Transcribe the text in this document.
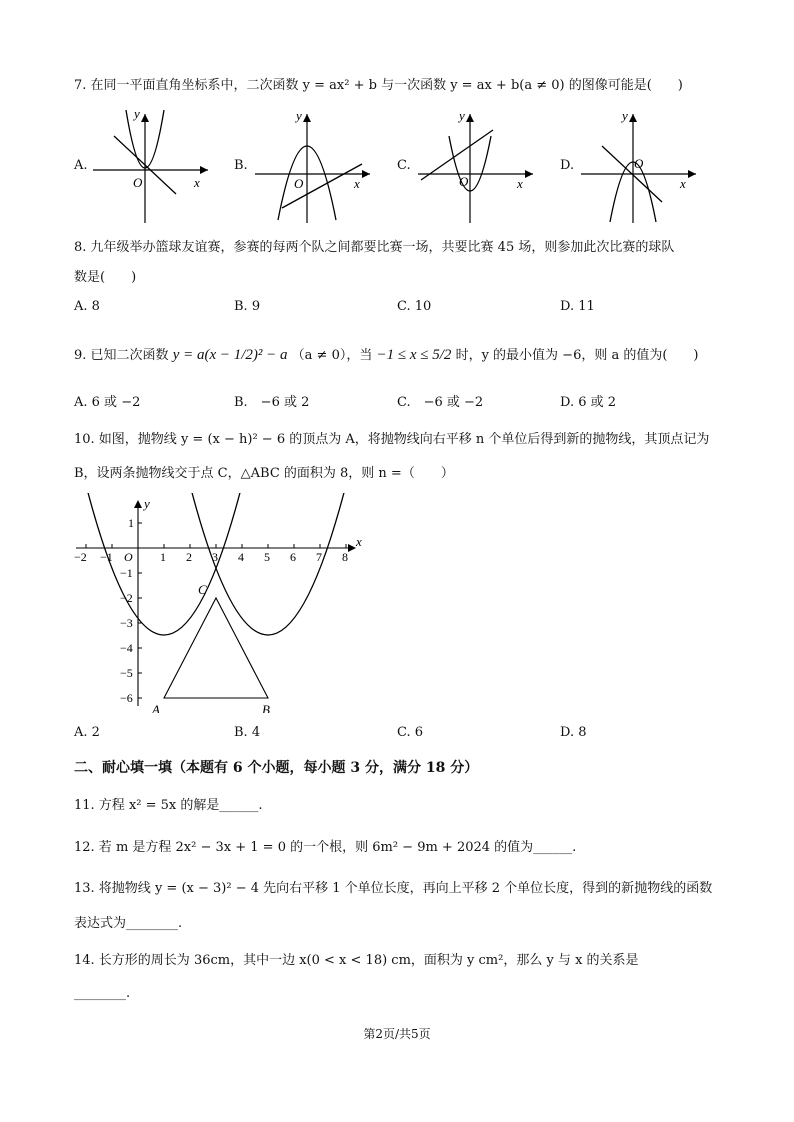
7. 在同一平面直角坐标系中，二次函数 y = ax² + b 与一次函数 y = ax + b(a ≠ 0) 的图像可能是(　　)
A.
y
x
O
B.
y
x
O
C.
y
x
O
D.
y
x
O
8. 九年级举办篮球友谊赛，参赛的每两个队之间都要比赛一场，共要比赛 45 场，则参加此次比赛的球队
数是(　　)
A. 8	B. 9	C. 10	D. 11
9. 已知二次函数 y = a(x − 1/2)² − a （a ≠ 0），当 −1 ≤ x ≤ 5/2 时，y 的最小值为 −6，则 a 的值为(　　)
A. 6 或 −2	B.　−6 或 2	C.　−6 或 −2	D. 6 或 2
10. 如图，抛物线 y = (x − h)² − 6 的顶点为 A，将抛物线向右平移 n 个单位后得到新的抛物线，其顶点记为
B，设两条抛物线交于点 C，△ABC 的面积为 8，则 n =（　　）
−2 −1	1 2 3 4 5 6 7 8
1
−1
−2
−3
−4
−5
−6
x
y
O
A	B
C
A. 2	B. 4	C. 6	D. 8
二、耐心填一填（本题有 6 个小题，每小题 3 分，满分 18 分）
11. 方程 x² = 5x 的解是______.
12. 若 m 是方程 2x² − 3x + 1 = 0 的一个根，则 6m² − 9m + 2024 的值为______.
13. 将抛物线 y = (x − 3)² − 4 先向右平移 1 个单位长度，再向上平移 2 个单位长度，得到的新抛物线的函数
表达式为________.
14. 长方形的周长为 36cm，其中一边 x(0 < x < 18) cm，面积为 y cm²，那么 y 与 x 的关系是
________.
第2页/共5页
